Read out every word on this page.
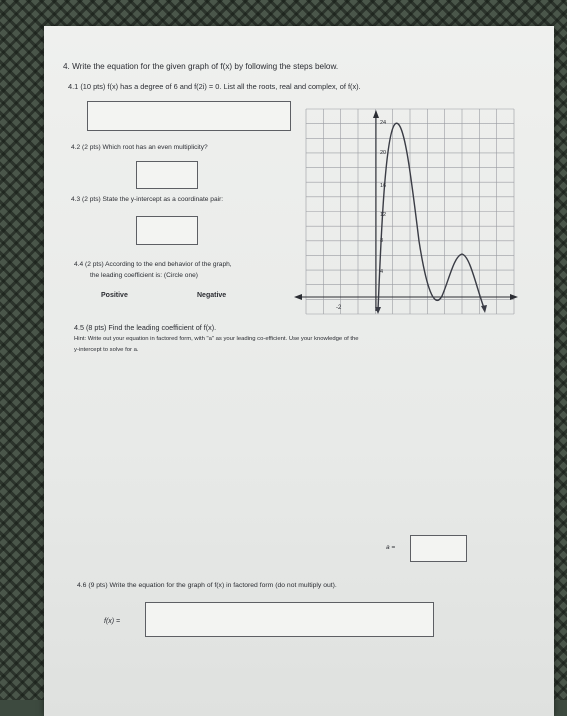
4. Write the equation for the given graph of f(x) by following the steps below.
4.1 (10 pts) f(x) has a degree of 6 and f(2i) = 0. List all the roots, real and complex, of f(x).
4.2 (2 pts) Which root has an even multiplicity?
4.3 (2 pts) State the y-intercept as a coordinate pair:
4.4 (2 pts) According to the end behavior of the graph,
the leading coefficient is: (Circle one)
Positive	Negative
4.5 (8 pts) Find the leading coefficient of f(x).
Hint: Write out your equation in factored form, with "a" as your leading co-efficient. Use your knowledge of the
y-intercept to solve for a.
a =
4.6 (9 pts) Write the equation for the graph of f(x) in factored form (do not multiply out).
f(x) =
-2
24
20
16
12
8
4
